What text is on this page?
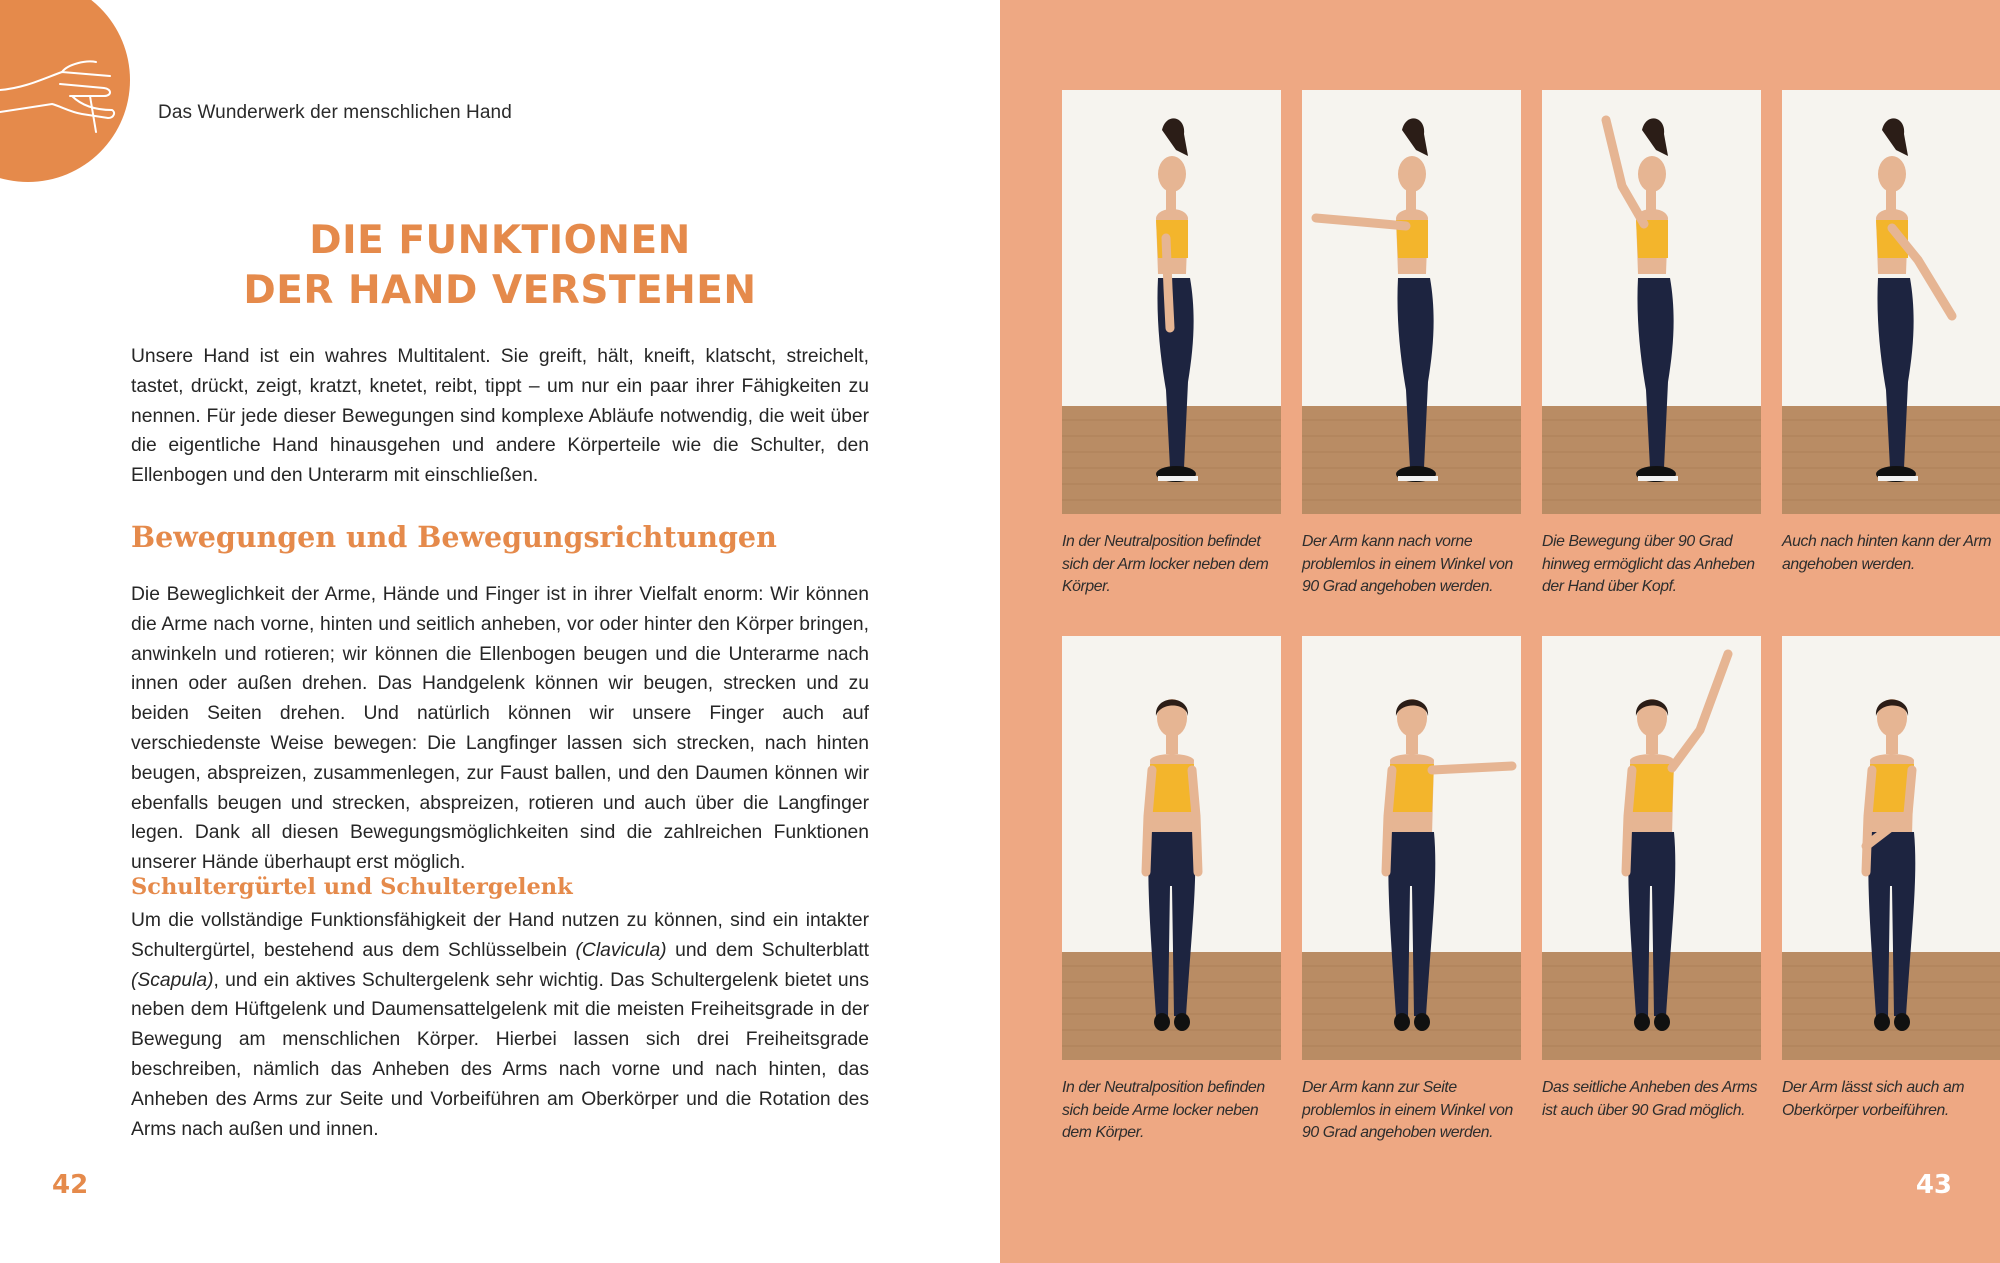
Das Wunderwerk der menschlichen Hand
DIE FUNKTIONEN
DER HAND VERSTEHEN

Unsere Hand ist ein wahres Multitalent. Sie greift, hält, kneift, klatscht, streichelt, tastet, drückt, zeigt, kratzt, knetet, reibt, tippt – um nur ein paar ihrer Fähigkeiten zu nennen. Für jede dieser Bewegungen sind komplexe Abläufe notwendig, die weit über die eigentliche Hand hinausgehen und andere Körperteile wie die Schulter, den Ellenbogen und den Unterarm mit einschließen.

Bewegungen und Bewegungsrichtungen

Die Beweglichkeit der Arme, Hände und Finger ist in ihrer Vielfalt enorm: Wir können die Arme nach vorne, hinten und seitlich anheben, vor oder hinter den Körper bringen, anwinkeln und rotieren; wir können die Ellenbogen beugen und die Unterarme nach innen oder außen drehen. Das Handgelenk können wir beugen, strecken und zu beiden Seiten drehen. Und natürlich können wir unsere Finger auch auf verschiedenste Weise bewegen: Die Langfinger lassen sich strecken, nach hinten beugen, abspreizen, zusammenlegen, zur Faust ballen, und den Daumen können wir ebenfalls beugen und strecken, abspreizen, rotieren und auch über die Langfinger legen. Dank all diesen Bewegungsmöglichkeiten sind die zahlreichen Funktionen unserer Hände überhaupt erst möglich.

Schultergürtel und Schultergelenk

Um die vollständige Funktionsfähigkeit der Hand nutzen zu können, sind ein intakter Schultergürtel, bestehend aus dem Schlüsselbein (Clavicula) und dem Schulterblatt (Scapula), und ein aktives Schultergelenk sehr wichtig. Das Schultergelenk bietet uns neben dem Hüftgelenk und Daumensattelgelenk mit die meisten Freiheitsgrade in der Bewegung am menschlichen Körper. Hierbei lassen sich drei Freiheitsgrade beschreiben, nämlich das Anheben des Arms nach vorne und nach hinten, das Anheben des Arms zur Seite und Vorbeiführen am Oberkörper und die Rotation des Arms nach außen und innen.

42

In der Neutralposition befindet sich der Arm locker neben dem Körper.

Der Arm kann nach vorne problemlos in einem Winkel von 90 Grad angehoben werden.

Die Bewegung über 90 Grad hinweg ermöglicht das Anheben der Hand über Kopf.

Auch nach hinten kann der Arm angehoben werden.

In der Neutralposition befinden sich beide Arme locker neben dem Körper.

Der Arm kann zur Seite problemlos in einem Winkel von 90 Grad angehoben werden.

Das seitliche Anheben des Arms ist auch über 90 Grad möglich.

Der Arm lässt sich auch am Oberkörper vorbeiführen.

43
